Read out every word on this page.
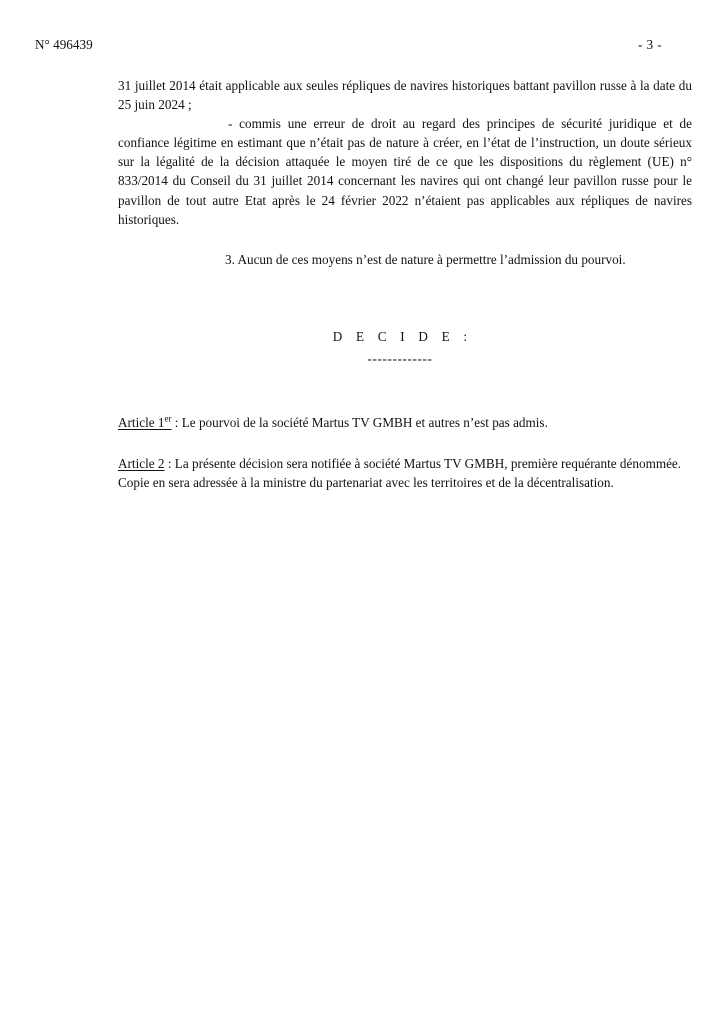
N° 496439	- 3 -

31 juillet 2014 était applicable aux seules répliques de navires historiques battant pavillon russe à la date du 25 juin 2024 ;

- commis une erreur de droit au regard des principes de sécurité juridique et de confiance légitime en estimant que n’était pas de nature à créer, en l’état de l’instruction, un doute sérieux sur la légalité de la décision attaquée le moyen tiré de ce que les dispositions du règlement (UE) n° 833/2014 du Conseil du 31 juillet 2014 concernant les navires qui ont changé leur pavillon russe pour le pavillon de tout autre Etat après le 24 février 2022 n’étaient pas applicables aux répliques de navires historiques.

3. Aucun de ces moyens n’est de nature à permettre l’admission du pourvoi.

D E C I D E :
-------------

Article 1er : Le pourvoi de la société Martus TV GMBH et autres n’est pas admis.

Article 2 : La présente décision sera notifiée à société Martus TV GMBH, première requérante dénommée.

Copie en sera adressée à la ministre du partenariat avec les territoires et de la décentralisation.
